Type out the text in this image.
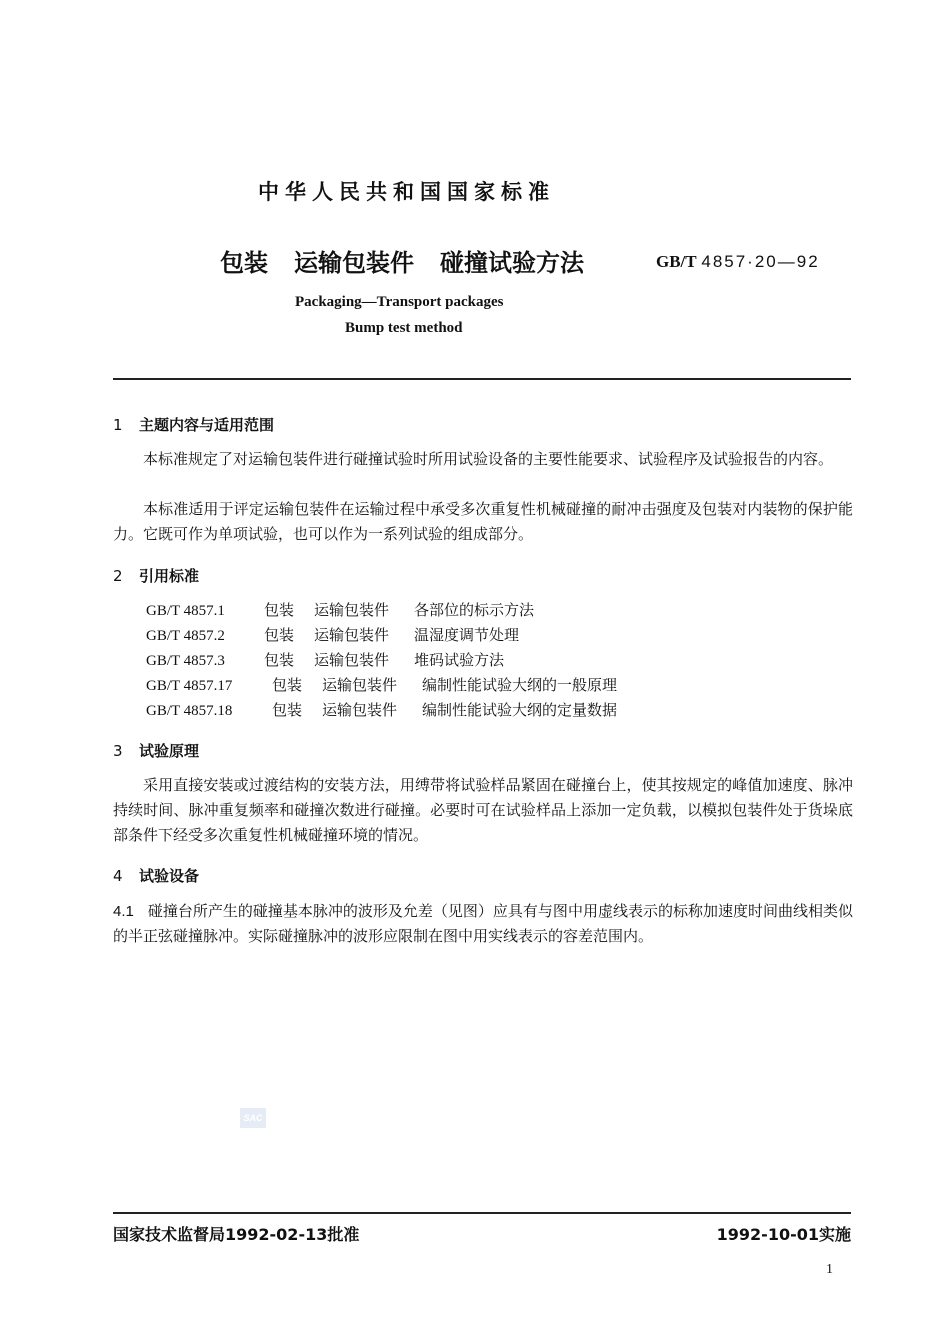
中华人民共和国国家标准
包装 运输包装件 碰撞试验方法	GB/T 4857·20—92
Packaging—Transport packages
Bump test method
1 主题内容与适用范围
本标准规定了对运输包装件进行碰撞试验时所用试验设备的主要性能要求、试验程序及试验报告的内容。
本标准适用于评定运输包装件在运输过程中承受多次重复性机械碰撞的耐冲击强度及包装对内装物的保护能力。它既可作为单项试验，也可以作为一系列试验的组成部分。
2 引用标准
GB/T 4857.1	包装 运输包装件 各部位的标示方法
GB/T 4857.2	包装 运输包装件 温湿度调节处理
GB/T 4857.3	包装 运输包装件 堆码试验方法
GB/T 4857.17	包装 运输包装件 编制性能试验大纲的一般原理
GB/T 4857.18	包装 运输包装件 编制性能试验大纲的定量数据
3 试验原理
采用直接安装或过渡结构的安装方法，用缚带将试验样品紧固在碰撞台上，使其按规定的峰值加速度、脉冲持续时间、脉冲重复频率和碰撞次数进行碰撞。必要时可在试验样品上添加一定负载，以模拟包装件处于货垛底部条件下经受多次重复性机械碰撞环境的情况。
4 试验设备
4.1 碰撞台所产生的碰撞基本脉冲的波形及允差（见图）应具有与图中用虚线表示的标称加速度时间曲线相类似的半正弦碰撞脉冲。实际碰撞脉冲的波形应限制在图中用实线表示的容差范围内。
SAC
国家技术监督局1992-02-13批准	1992-10-01实施
1
